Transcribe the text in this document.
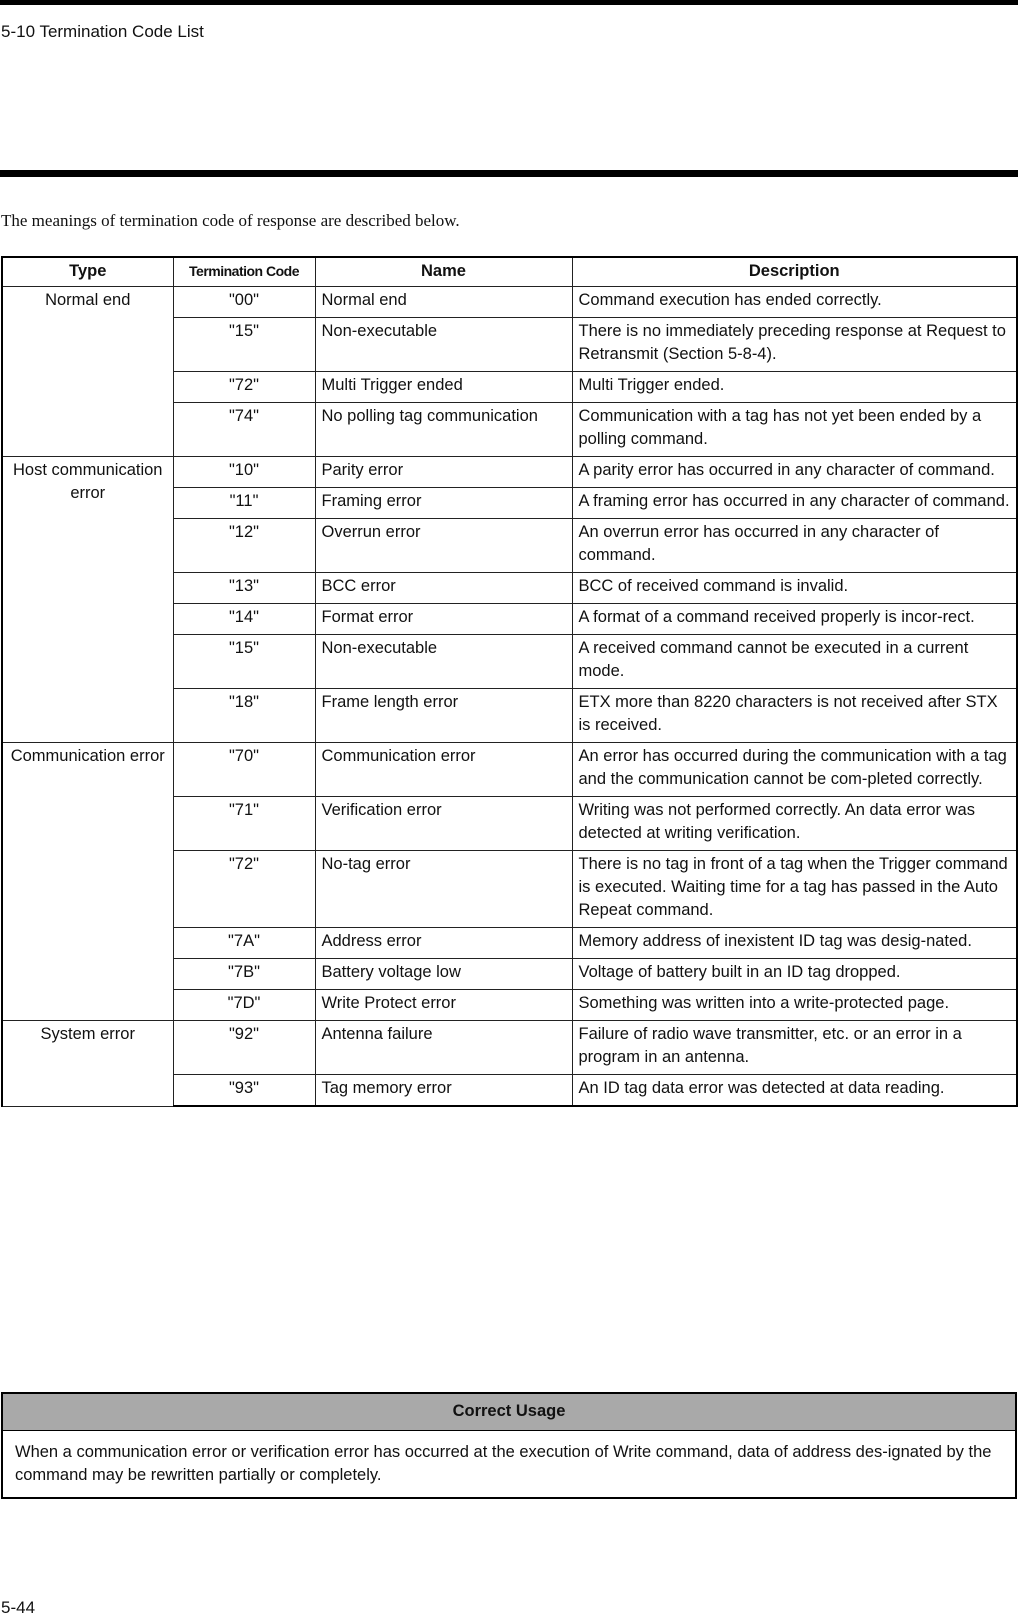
5-10 Termination Code List
The meanings of termination code of response are described below.
Type	Termination Code	Name	Description
Normal end	"00"	Normal end	Command execution has ended correctly.
	"15"	Non-executable	There is no immediately preceding response at Request to Retransmit (Section 5-8-4).
	"72"	Multi Trigger ended	Multi Trigger ended.
	"74"	No polling tag communication	Communication with a tag has not yet been ended by a polling command.
Host communication error	"10"	Parity error	A parity error has occurred in any character of command.
	"11"	Framing error	A framing error has occurred in any character of command.
	"12"	Overrun error	An overrun error has occurred in any character of command.
	"13"	BCC error	BCC of received command is invalid.
	"14"	Format error	A format of a command received properly is incor-rect.
	"15"	Non-executable	A received command cannot be executed in a current mode.
	"18"	Frame length error	ETX more than 8220 characters is not received after STX is received.
Communication error	"70"	Communication error	An error has occurred during the communication with a tag and the communication cannot be com-pleted correctly.
	"71"	Verification error	Writing was not performed correctly. An data error was detected at writing verification.
	"72"	No-tag error	There is no tag in front of a tag when the Trigger command is executed. Waiting time for a tag has passed in the Auto Repeat command.
	"7A"	Address error	Memory address of inexistent ID tag was desig-nated.
	"7B"	Battery voltage low	Voltage of battery built in an ID tag dropped.
	"7D"	Write Protect error	Something was written into a write-protected page.
System error	"92"	Antenna failure	Failure of radio wave transmitter, etc. or an error in a program in an antenna.
	"93"	Tag memory error	An ID tag data error was detected at data reading.
Correct Usage
When a communication error or verification error has occurred at the execution of Write command, data of address des-ignated by the command may be rewritten partially or completely.
5-44
